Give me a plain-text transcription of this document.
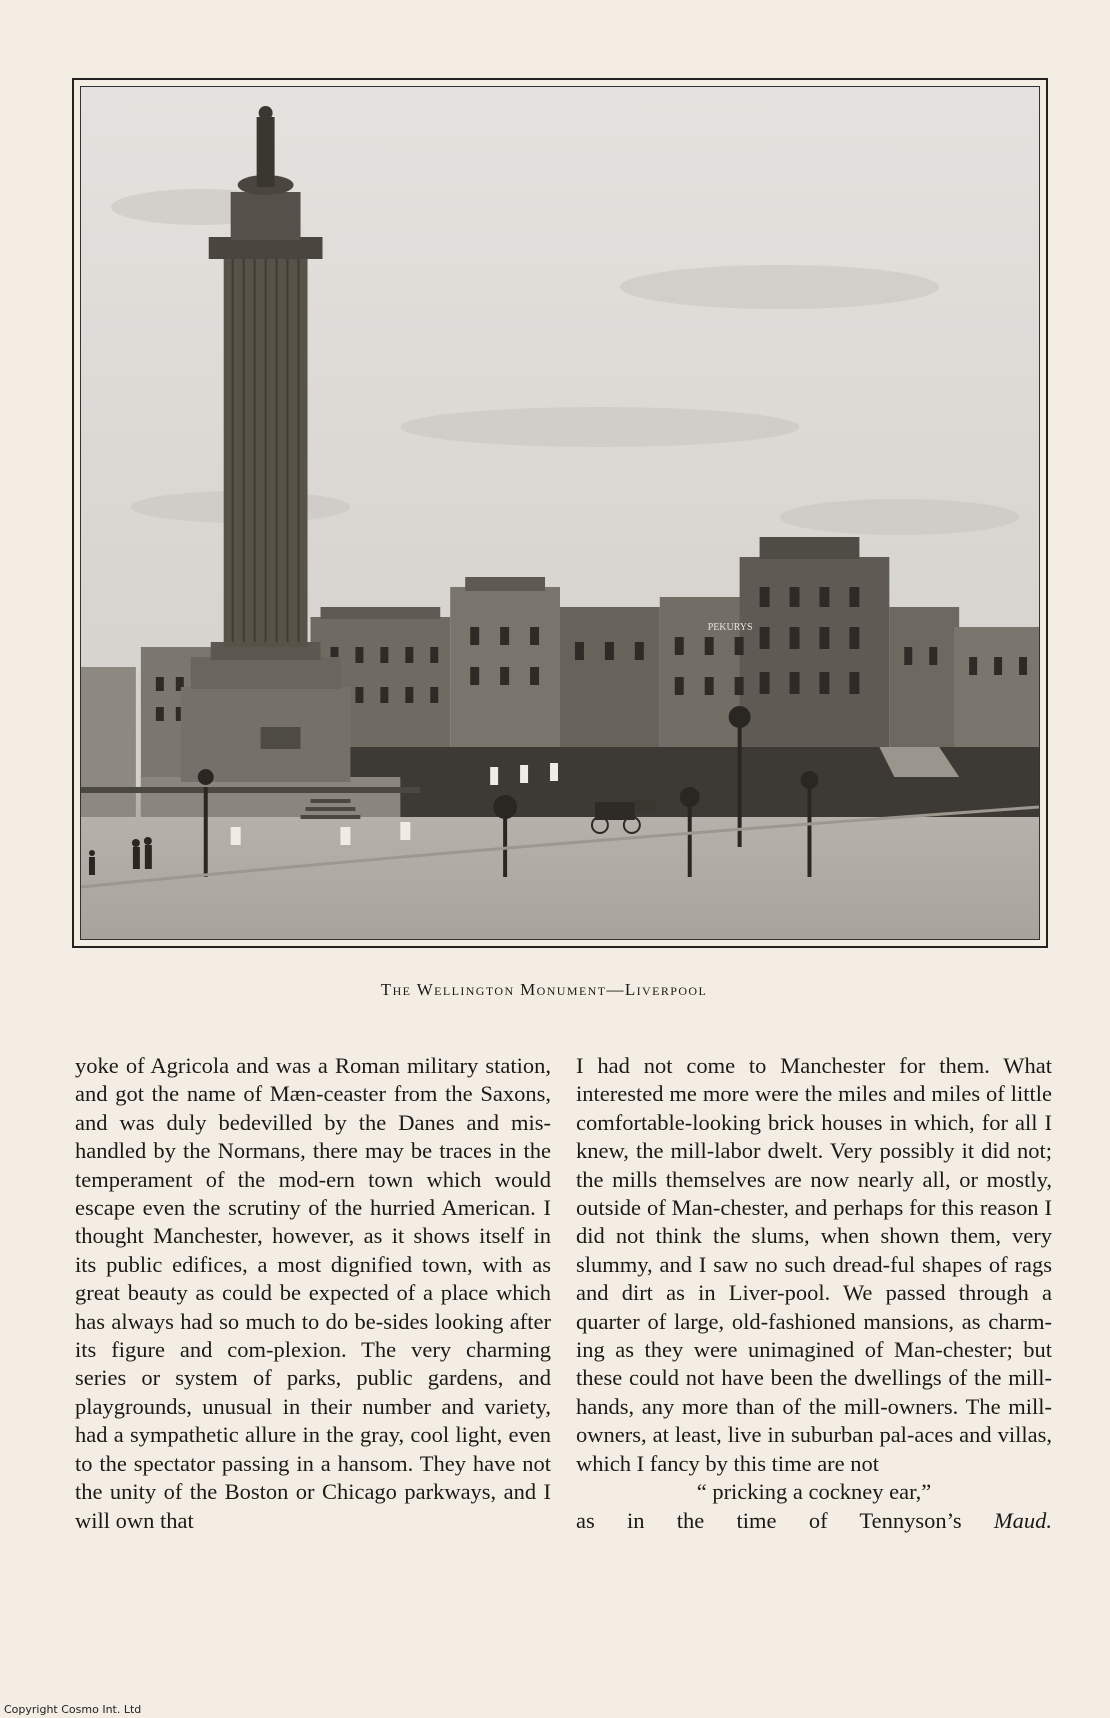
PEKURYS
The Wellington Monument—Liverpool

yoke of Agricola and was a Roman military station, and got the name of Mæn-ceaster from the Saxons, and was duly bedevilled by the Danes and mis-handled by the Normans, there may be traces in the temperament of the mod-ern town which would escape even the scrutiny of the hurried American. I thought Manchester, however, as it shows itself in its public edifices, a most dignified town, with as great beauty as could be expected of a place which has always had so much to do be-sides looking after its figure and com-plexion. The very charming series or system of parks, public gardens, and playgrounds, unusual in their number and variety, had a sympathetic allure in the gray, cool light, even to the spectator passing in a hansom. They have not the unity of the Boston or Chicago parkways, and I will own that

I had not come to Manchester for them. What interested me more were the miles and miles of little comfortable-looking brick houses in which, for all I knew, the mill-labor dwelt. Very possibly it did not; the mills themselves are now nearly all, or mostly, outside of Man-chester, and perhaps for this reason I did not think the slums, when shown them, very slummy, and I saw no such dread-ful shapes of rags and dirt as in Liver-pool. We passed through a quarter of large, old-fashioned mansions, as charm-ing as they were unimagined of Man-chester; but these could not have been the dwellings of the mill-hands, any more than of the mill-owners. The mill-owners, at least, live in suburban pal-aces and villas, which I fancy by this time are not

“ pricking a cockney ear,”
as in the time of Tennyson’s Maud.
Copyright Cosmo Int. Ltd
